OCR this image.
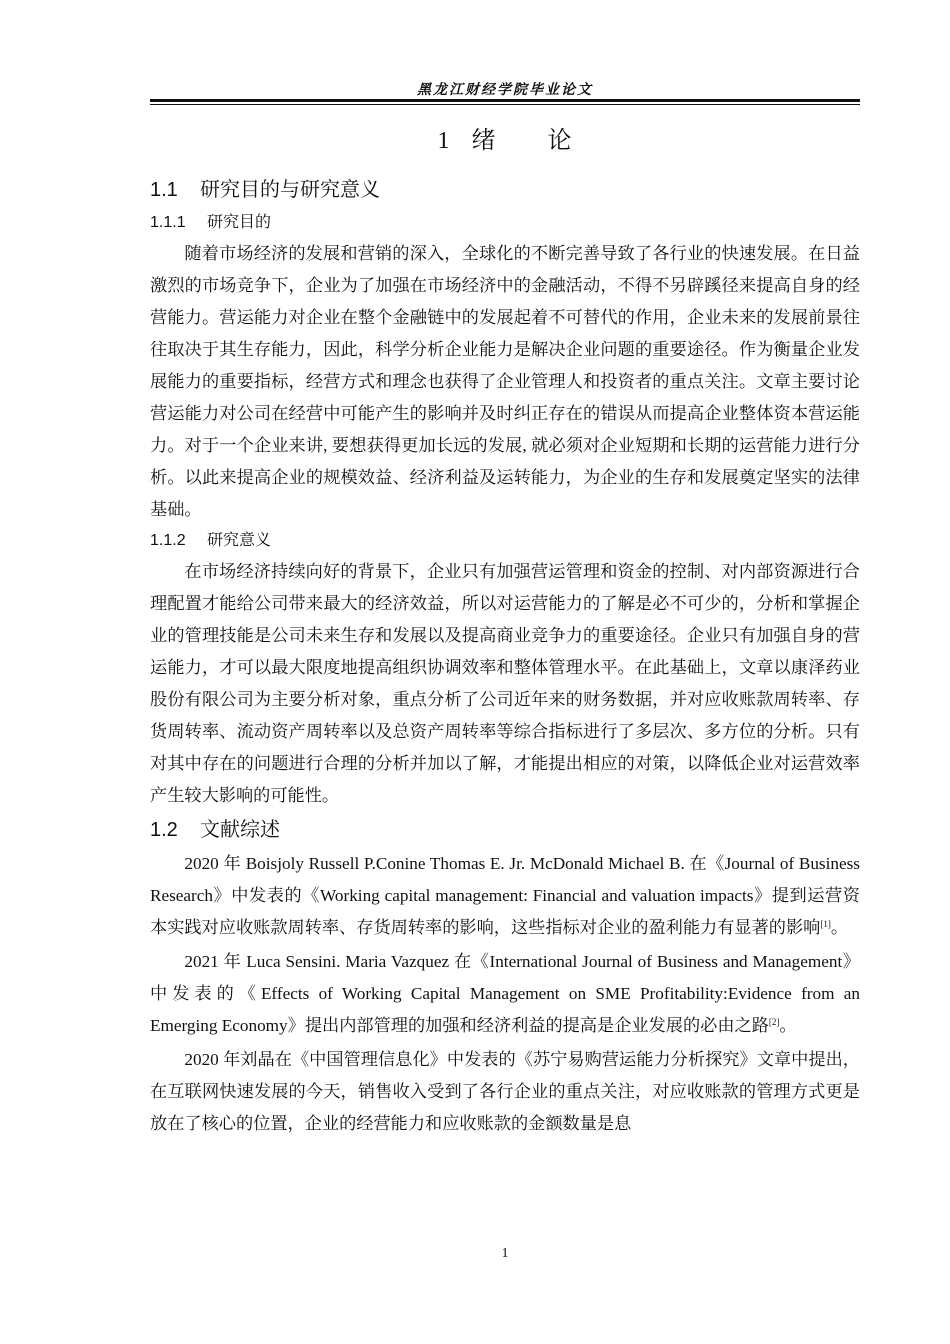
黑龙江财经学院毕业论文
1 绪 论
1.1 研究目的与研究意义
1.1.1 研究目的

随着市场经济的发展和营销的深入，全球化的不断完善导致了各行业的快速发展。在日益激烈的市场竞争下，企业为了加强在市场经济中的金融活动，不得不另辟蹊径来提高自身的经营能力。营运能力对企业在整个金融链中的发展起着不可替代的作用，企业未来的发展前景往往取决于其生存能力，因此，科学分析企业能力是解决企业问题的重要途径。作为衡量企业发展能力的重要指标，经营方式和理念也获得了企业管理人和投资者的重点关注。文章主要讨论营运能力对公司在经营中可能产生的影响并及时纠正存在的错误从而提高企业整体资本营运能力。对于一个企业来讲, 要想获得更加长远的发展, 就必须对企业短期和长期的运营能力进行分析。以此来提高企业的规模效益、经济利益及运转能力，为企业的生存和发展奠定坚实的法律基础。

1.1.2 研究意义

在市场经济持续向好的背景下，企业只有加强营运管理和资金的控制、对内部资源进行合理配置才能给公司带来最大的经济效益，所以对运营能力的了解是必不可少的，分析和掌握企业的管理技能是公司未来生存和发展以及提高商业竞争力的重要途径。企业只有加强自身的营运能力，才可以最大限度地提高组织协调效率和整体管理水平。在此基础上，文章以康泽药业股份有限公司为主要分析对象，重点分析了公司近年来的财务数据，并对应收账款周转率、存货周转率、流动资产周转率以及总资产周转率等综合指标进行了多层次、多方位的分析。只有对其中存在的问题进行合理的分析并加以了解，才能提出相应的对策，以降低企业对运营效率产生较大影响的可能性。

1.2 文献综述

2020 年 Boisjoly Russell P.Conine Thomas E. Jr. McDonald Michael B. 在《Journal of Business Research》中发表的《Working capital management: Financial and valuation impacts》提到运营资本实践对应收账款周转率、存货周转率的影响，这些指标对企业的盈利能力有显著的影响[1]。

2021 年 Luca Sensini. Maria Vazquez 在《International Journal of Business and Management》中发表的《Effects of Working Capital Management on SME Profitability:Evidence from an Emerging Economy》提出内部管理的加强和经济利益的提高是企业发展的必由之路[2]。

2020 年刘晶在《中国管理信息化》中发表的《苏宁易购营运能力分析探究》文章中提出，在互联网快速发展的今天，销售收入受到了各行企业的重点关注，对应收账款的管理方式更是放在了核心的位置，企业的经营能力和应收账款的金额数量是息

1
